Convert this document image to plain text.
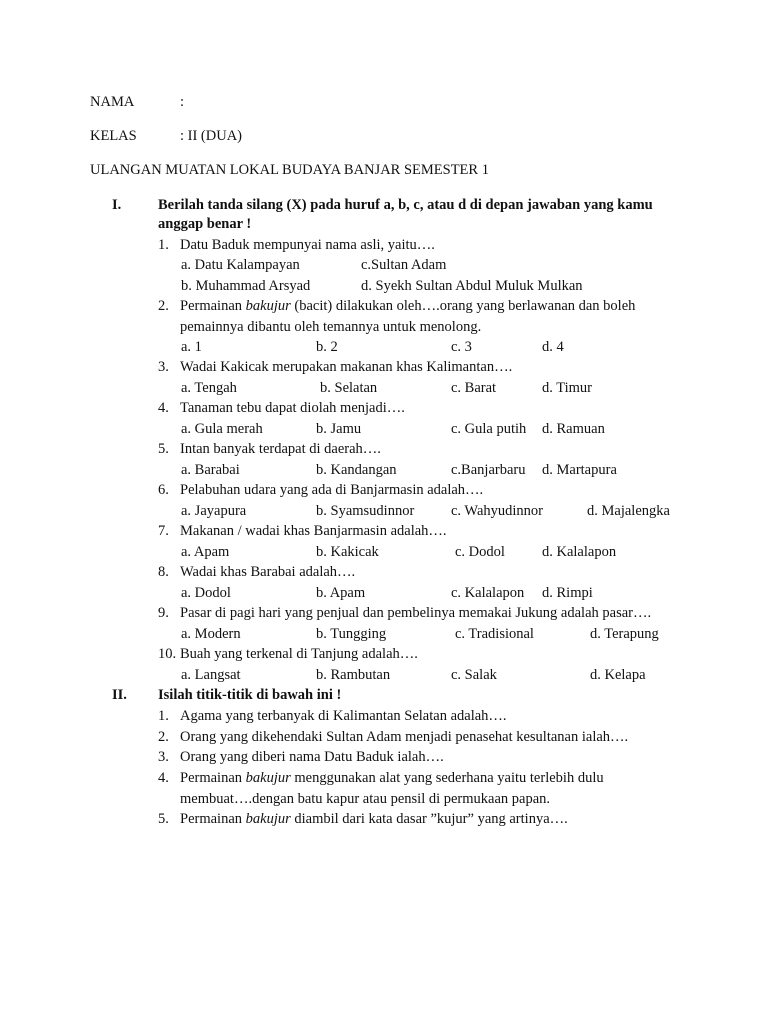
NAMA	:
KELAS	: II (DUA)
ULANGAN MUATAN LOKAL BUDAYA BANJAR SEMESTER 1
I.	Berilah tanda silang (X) pada huruf a, b, c, atau d di depan jawaban yang kamu
anggap benar !
1. Datu Baduk mempunyai nama asli, yaitu….
a. Datu Kalampayan	c.Sultan Adam
b. Muhammad Arsyad	d. Syekh Sultan Abdul Muluk Mulkan
2. Permainan bakujur (bacit) dilakukan oleh….orang yang berlawanan dan boleh
pemainnya dibantu oleh temannya untuk menolong.
a. 1	b. 2	c. 3	d. 4
3. Wadai Kakicak merupakan makanan khas Kalimantan….
a. Tengah	b. Selatan	c. Barat	d. Timur
4. Tanaman tebu dapat diolah menjadi….
a. Gula merah	b. Jamu	c. Gula putih d. Ramuan
5. Intan banyak terdapat di daerah….
a. Barabai	b. Kandangan	c.Banjarbaru d. Martapura
6. Pelabuhan udara yang ada di Banjarmasin adalah….
a. Jayapura	b. Syamsudinnor	c. Wahyudinnor	d. Majalengka
7. Makanan / wadai khas Banjarmasin adalah….
a. Apam	b. Kakicak	c. Dodol	d. Kalalapon
8. Wadai khas Barabai adalah….
a. Dodol	b. Apam	c. Kalalapon d. Rimpi
9. Pasar di pagi hari yang penjual dan pembelinya memakai Jukung adalah pasar….
a. Modern	b. Tungging	c. Tradisional	d. Terapung
10. Buah yang terkenal di Tanjung adalah….
a. Langsat	b. Rambutan	c. Salak	d. Kelapa
II. Isilah titik-titik di bawah ini !
1. Agama yang terbanyak di Kalimantan Selatan adalah….
2. Orang yang dikehendaki Sultan Adam menjadi penasehat kesultanan ialah….
3. Orang yang diberi nama Datu Baduk ialah….
4. Permainan bakujur menggunakan alat yang sederhana yaitu terlebih dulu
membuat….dengan batu kapur atau pensil di permukaan papan.
5. Permainan bakujur diambil dari kata dasar ”kujur” yang artinya….
